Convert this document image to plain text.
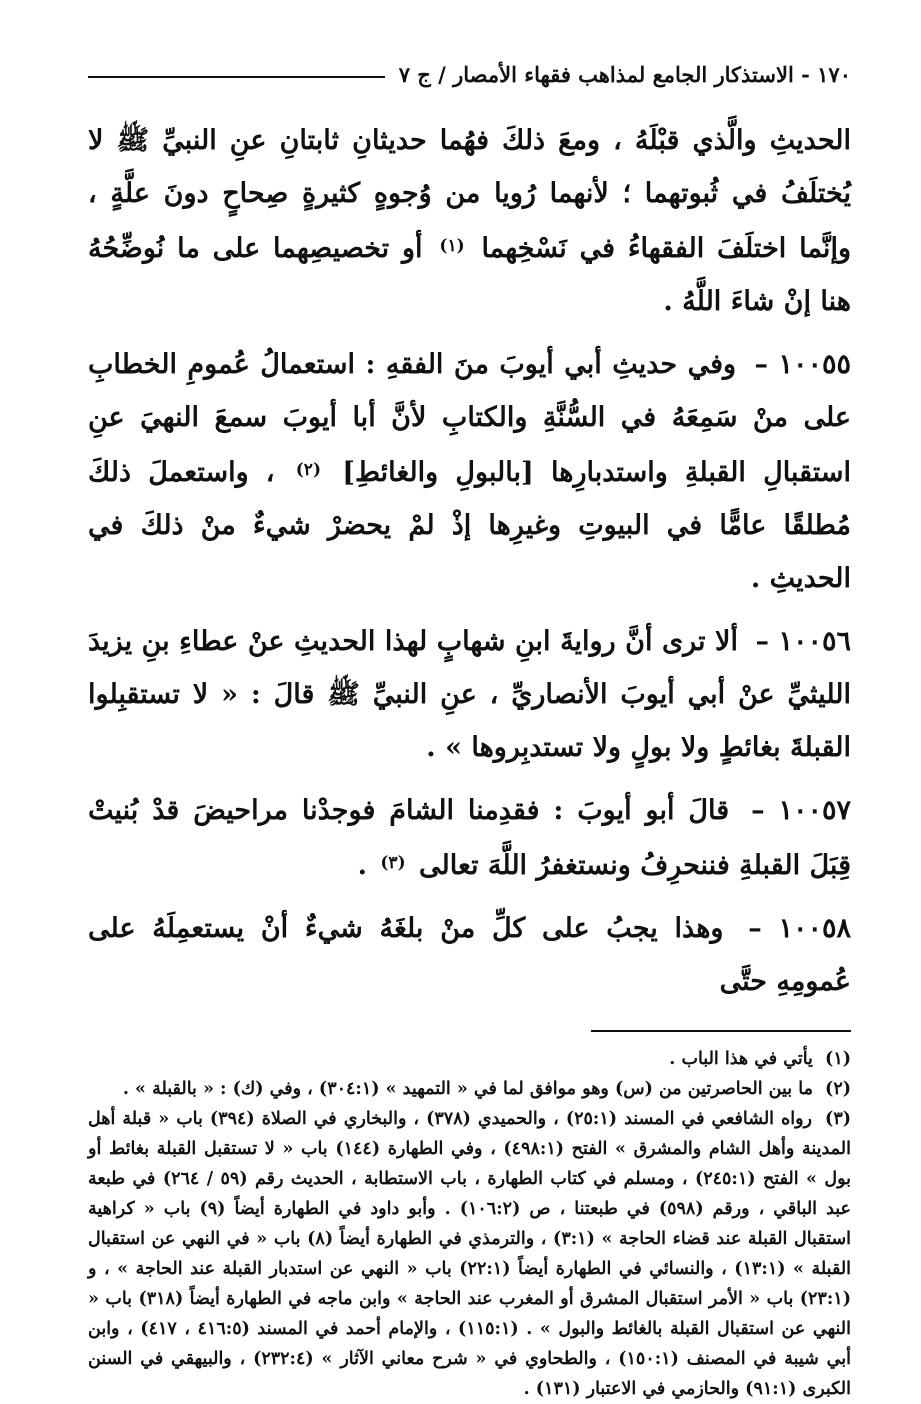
١٧٠ - الاستذكار الجامع لمذاهب فقهاء الأمصار / ج ٧

الحديثِ والَّذي قبْلَهُ ، ومعَ ذلكَ فهُما حديثانِ ثابتانِ عنِ النبيِّ ﷺ لا يُختلَفُ في ثُبوتهما ؛ لأنهما رُويا من وُجوهٍ كثيرةٍ صِحاحٍ دونَ علَّةٍ ، وإنَّما اختلَفَ الفقهاءُ في نَسْخِهما $^{(١)}$ أو تخصيصِهما على ما نُوضِّحُهُ هنا إنْ شاءَ اللَّهُ .

١٠٠٥٥ – وفي حديثِ أبي أيوبَ منَ الفقهِ : استعمالُ عُمومِ الخطابِ على منْ سَمِعَهُ في السُّنَّةِ والكتابِ لأنَّ أبا أيوبَ سمعَ النهيَ عنِ استقبالِ القبلةِ واستدبارِها [بالبولِ والغائطِ] $^{(٢)}$ ، واستعملَ ذلكَ مُطلقًا عامًّا في البيوتِ وغيرِها إذْ لمْ يحضرْ شيءٌ منْ ذلكَ في الحديثِ .

١٠٠٥٦ – ألا ترى أنَّ روايةَ ابنِ شهابٍ لهذا الحديثِ عنْ عطاءِ بنِ يزيدَ الليثيِّ عنْ أبي أيوبَ الأنصاريِّ ، عنِ النبيِّ ﷺ قالَ : « لا تستقبِلوا القبلةَ بغائطٍ ولا بولٍ ولا تستدبِروها » .

١٠٠٥٧ – قالَ أبو أيوبَ : فقدِمنا الشامَ فوجدْنا مراحيضَ قدْ بُنيتْ قِبَلَ القبلةِ فننحرِفُ ونستغفرُ اللَّهَ تعالى $^{(٣)}$ .

١٠٠٥٨ – وهذا يجبُ على كلِّ منْ بلغَهُ شيءٌ أنْ يستعمِلَهُ على عُمومِهِ حتَّى

(١) يأتي في هذا الباب .

(٢) ما بين الحاصرتين من (س) وهو موافق لما في « التمهيد » (٣٠٤:١) ، وفي (ك) : « بالقبلة » .

(٣) رواه الشافعي في المسند (٢٥:١) ، والحميدي (٣٧٨) ، والبخاري في الصلاة (٣٩٤) باب « قبلة أهل المدينة وأهل الشام والمشرق » الفتح (٤٩٨:١) ، وفي الطهارة (١٤٤) باب « لا تستقبل القبلة بغائط أو بول » الفتح (٢٤٥:١) ، ومسلم في كتاب الطهارة ، باب الاستطابة ، الحديث رقم (٥٩ / ٢٦٤) في طبعة عبد الباقي ، ورقم (٥٩٨) في طبعتنا ، ص (١٠٦:٢) . وأبو داود في الطهارة أيضاً (٩) باب « كراهية استقبال القبلة عند قضاء الحاجة » (٣:١) ، والترمذي في الطهارة أيضاً (٨) باب « في النهي عن استقبال القبلة » (١٣:١) ، والنسائي في الطهارة أيضاً (٢٢:١) باب « النهي عن استدبار القبلة عند الحاجة » ، و (٢٣:١) باب « الأمر استقبال المشرق أو المغرب عند الحاجة » وابن ماجه في الطهارة أيضاً (٣١٨) باب « النهي عن استقبال القبلة بالغائط والبول » . (١١٥:١) ، والإمام أحمد في المسند (٤١٦:٥ ، ٤١٧) ، وابن أبي شيبة في المصنف (١٥٠:١) ، والطحاوي في « شرح معاني الآثار » (٢٣٢:٤) ، والبيهقي في السنن الكبرى (٩١:١) والحازمي في الاعتبار (١٣١) .
